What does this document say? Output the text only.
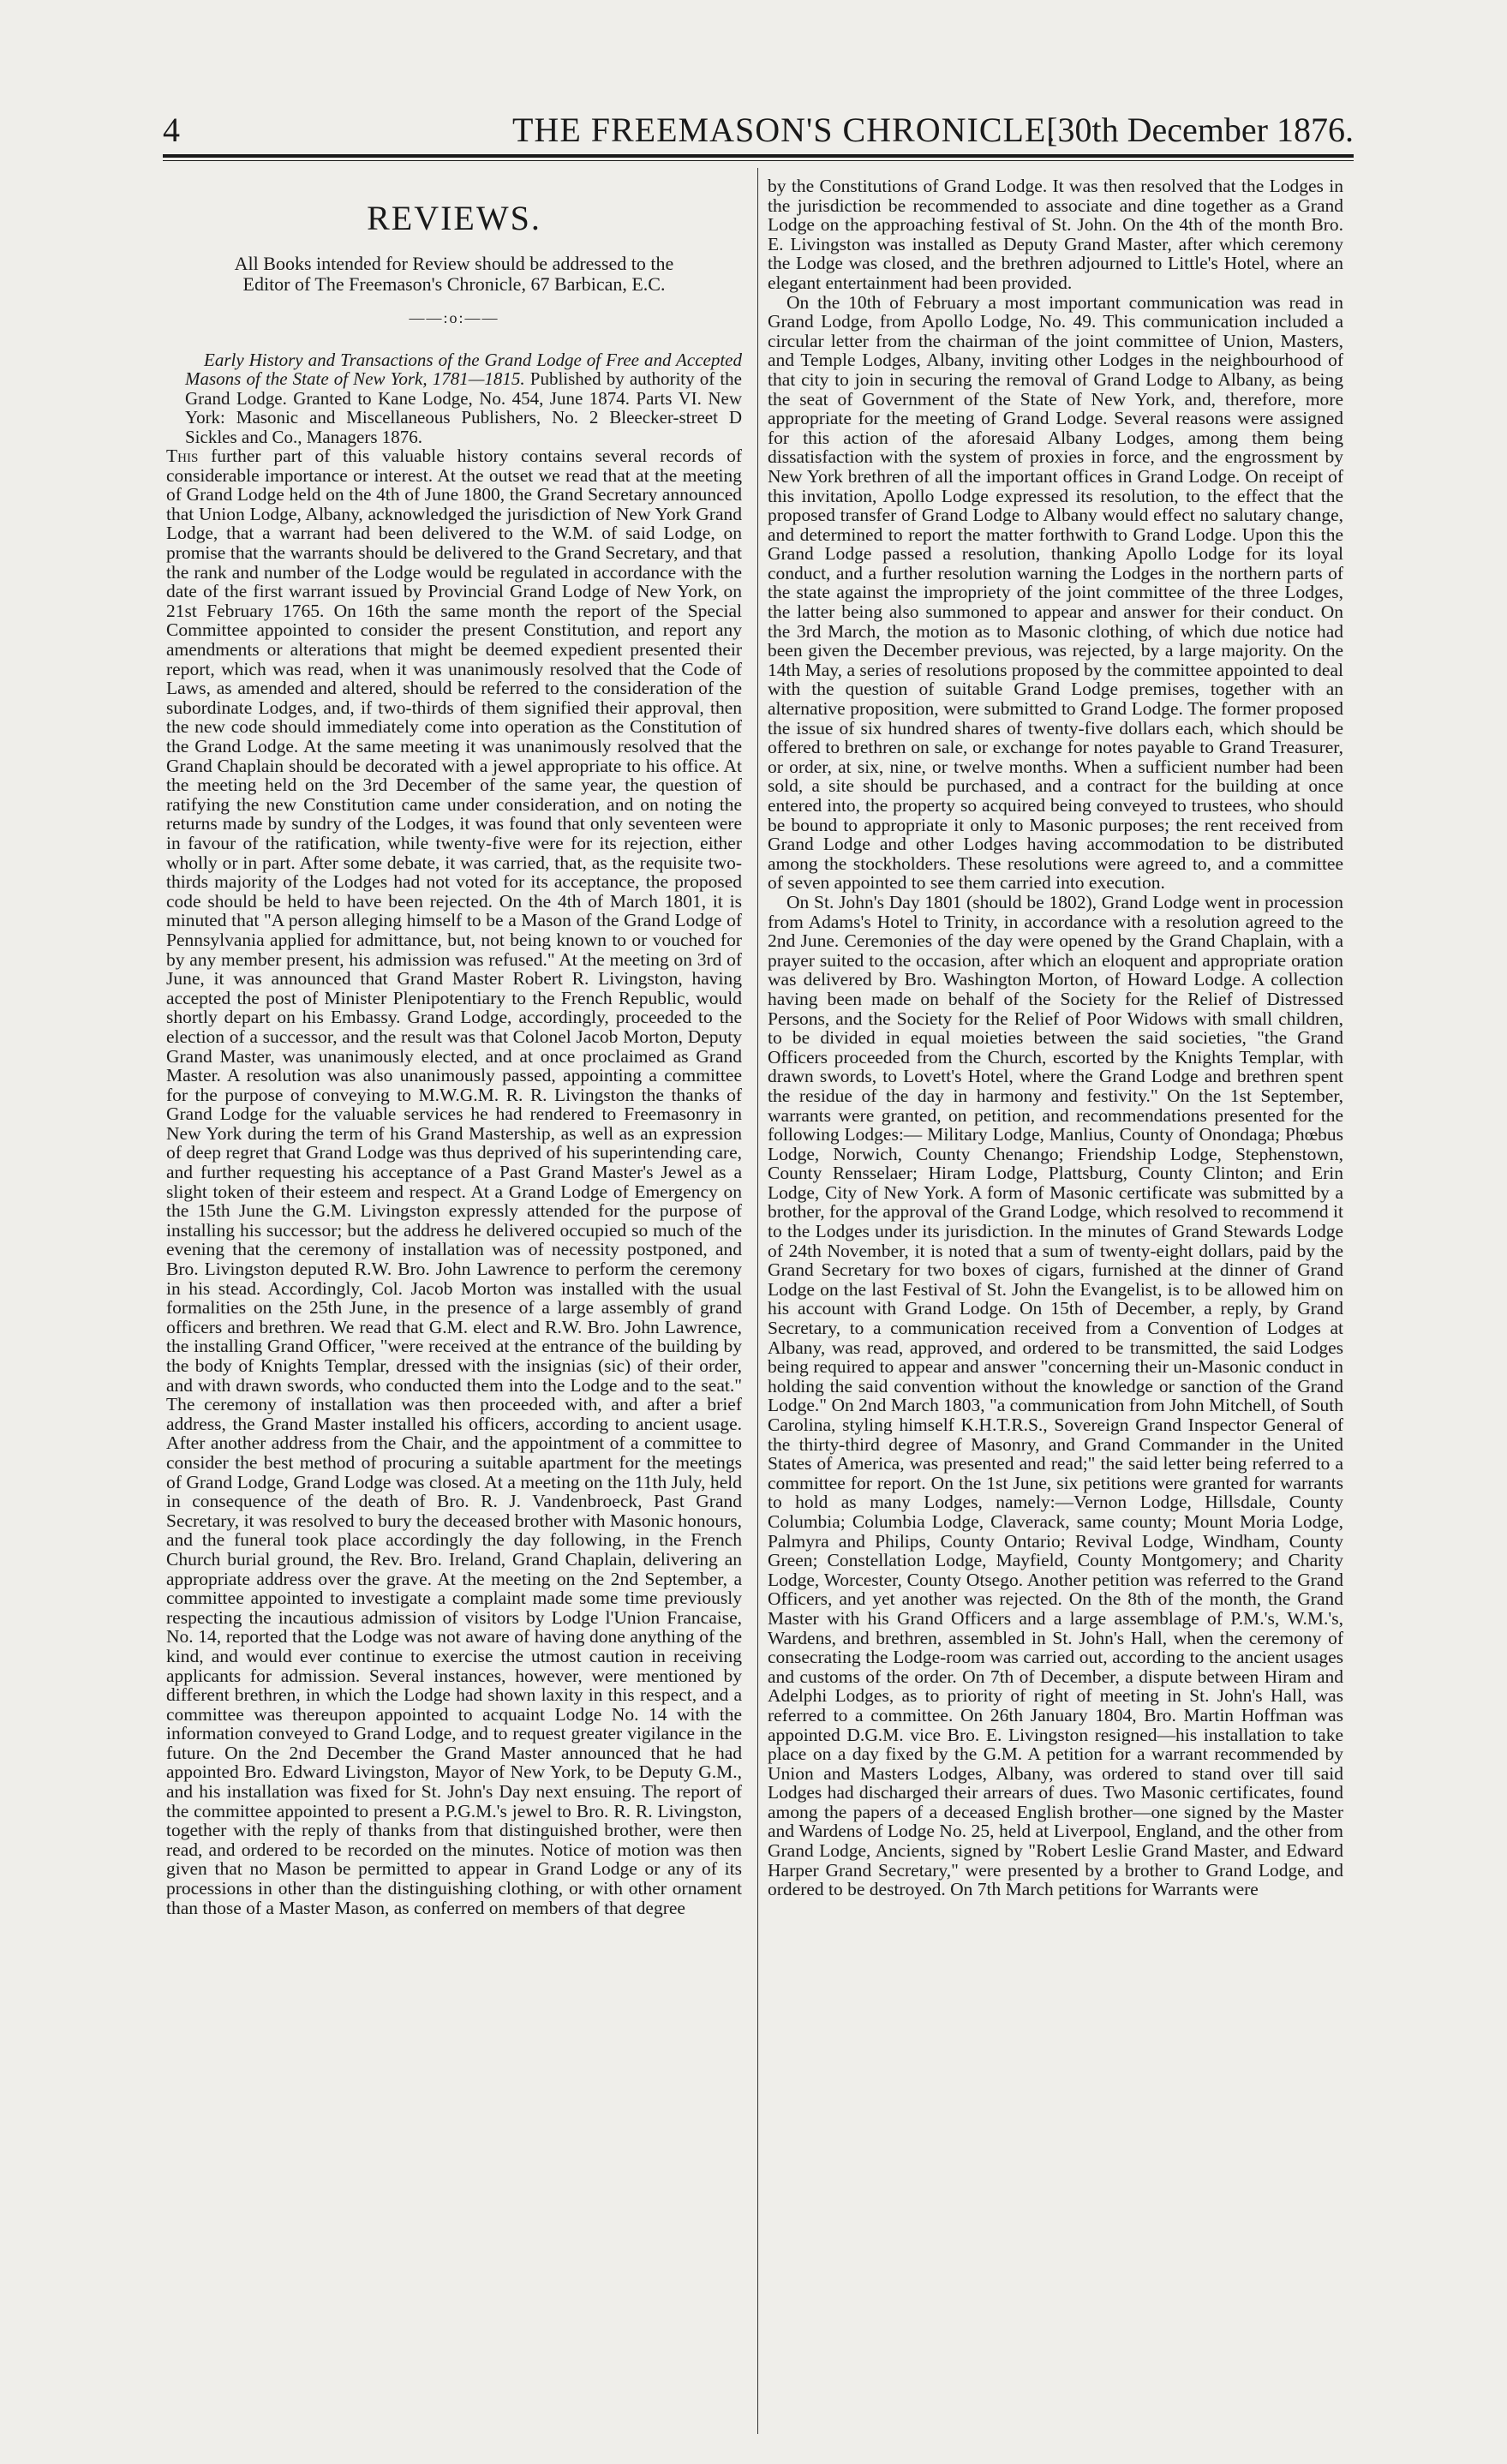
4	THE FREEMASON'S CHRONICLE.
[30th December 1876.
REVIEWS.
All Books intended for Review should be addressed to the
Editor of The Freemason's Chronicle, 67 Barbican, E.C.
——:o:——

Early History and Transactions of the Grand Lodge of Free and Accepted Masons of the State of New York, 1781—1815. Published by authority of the Grand Lodge. Granted to Kane Lodge, No. 454, June 1874. Parts VI. New York: Masonic and Miscellaneous Publishers, No. 2 Bleecker-street D Sickles and Co., Managers 1876.

This further part of this valuable history contains several records of considerable importance or interest. At the outset we read that at the meeting of Grand Lodge held on the 4th of June 1800, the Grand Secretary announced that Union Lodge, Albany, acknowledged the jurisdiction of New York Grand Lodge, that a warrant had been delivered to the W.M. of said Lodge, on promise that the warrants should be delivered to the Grand Secretary, and that the rank and number of the Lodge would be regulated in accordance with the date of the first warrant issued by Provincial Grand Lodge of New York, on 21st February 1765. On 16th the same month the report of the Special Committee appointed to consider the present Constitution, and report any amendments or alterations that might be deemed expedient presented their report, which was read, when it was unanimously resolved that the Code of Laws, as amended and altered, should be referred to the consideration of the subordinate Lodges, and, if two-thirds of them signified their approval, then the new code should immediately come into operation as the Constitution of the Grand Lodge. At the same meeting it was unanimously resolved that the Grand Chaplain should be decorated with a jewel appropriate to his office. At the meeting held on the 3rd December of the same year, the question of ratifying the new Constitution came under consideration, and on noting the returns made by sundry of the Lodges, it was found that only seventeen were in favour of the ratification, while twenty-five were for its rejection, either wholly or in part. After some debate, it was carried, that, as the requisite two-thirds majority of the Lodges had not voted for its acceptance, the proposed code should be held to have been rejected. On the 4th of March 1801, it is minuted that "A person alleging himself to be a Mason of the Grand Lodge of Pennsylvania applied for admittance, but, not being known to or vouched for by any member present, his admission was refused." At the meeting on 3rd of June, it was announced that Grand Master Robert R. Livingston, having accepted the post of Minister Plenipotentiary to the French Republic, would shortly depart on his Embassy. Grand Lodge, accordingly, proceeded to the election of a successor, and the result was that Colonel Jacob Morton, Deputy Grand Master, was unanimously elected, and at once proclaimed as Grand Master. A resolution was also unanimously passed, appointing a committee for the purpose of conveying to M.W.G.M. R. R. Livingston the thanks of Grand Lodge for the valuable services he had rendered to Freemasonry in New York during the term of his Grand Mastership, as well as an expression of deep regret that Grand Lodge was thus deprived of his superintending care, and further requesting his acceptance of a Past Grand Master's Jewel as a slight token of their esteem and respect. At a Grand Lodge of Emergency on the 15th June the G.M. Livingston expressly attended for the purpose of installing his successor; but the address he delivered occupied so much of the evening that the ceremony of installation was of necessity postponed, and Bro. Livingston deputed R.W. Bro. John Lawrence to perform the ceremony in his stead. Accordingly, Col. Jacob Morton was installed with the usual formalities on the 25th June, in the presence of a large assembly of grand officers and brethren. We read that G.M. elect and R.W. Bro. John Lawrence, the installing Grand Officer, "were received at the entrance of the building by the body of Knights Templar, dressed with the insignias (sic) of their order, and with drawn swords, who conducted them into the Lodge and to the seat." The ceremony of installation was then proceeded with, and after a brief address, the Grand Master installed his officers, according to ancient usage. After another address from the Chair, and the appointment of a committee to consider the best method of procuring a suitable apartment for the meetings of Grand Lodge, Grand Lodge was closed. At a meeting on the 11th July, held in consequence of the death of Bro. R. J. Vandenbroeck, Past Grand Secretary, it was resolved to bury the deceased brother with Masonic honours, and the funeral took place accordingly the day following, in the French Church burial ground, the Rev. Bro. Ireland, Grand Chaplain, delivering an appropriate address over the grave. At the meeting on the 2nd September, a committee appointed to investigate a complaint made some time previously respecting the incautious admission of visitors by Lodge l'Union Francaise, No. 14, reported that the Lodge was not aware of having done anything of the kind, and would ever continue to exercise the utmost caution in receiving applicants for admission. Several instances, however, were mentioned by different brethren, in which the Lodge had shown laxity in this respect, and a committee was thereupon appointed to acquaint Lodge No. 14 with the information conveyed to Grand Lodge, and to request greater vigilance in the future. On the 2nd December the Grand Master announced that he had appointed Bro. Edward Livingston, Mayor of New York, to be Deputy G.M., and his installation was fixed for St. John's Day next ensuing. The report of the committee appointed to present a P.G.M.'s jewel to Bro. R. R. Livingston, together with the reply of thanks from that distinguished brother, were then read, and ordered to be recorded on the minutes. Notice of motion was then given that no Mason be permitted to appear in Grand Lodge or any of its processions in other than the distinguishing clothing, or with other ornament than those of a Master Mason, as conferred on members of that degree

by the Constitutions of Grand Lodge. It was then resolved that the Lodges in the jurisdiction be recommended to associate and dine together as a Grand Lodge on the approaching festival of St. John. On the 4th of the month Bro. E. Livingston was installed as Deputy Grand Master, after which ceremony the Lodge was closed, and the brethren adjourned to Little's Hotel, where an elegant entertainment had been provided.

On the 10th of February a most important communication was read in Grand Lodge, from Apollo Lodge, No. 49. This communication included a circular letter from the chairman of the joint committee of Union, Masters, and Temple Lodges, Albany, inviting other Lodges in the neighbourhood of that city to join in securing the removal of Grand Lodge to Albany, as being the seat of Government of the State of New York, and, therefore, more appropriate for the meeting of Grand Lodge. Several reasons were assigned for this action of the aforesaid Albany Lodges, among them being dissatisfaction with the system of proxies in force, and the engrossment by New York brethren of all the important offices in Grand Lodge. On receipt of this invitation, Apollo Lodge expressed its resolution, to the effect that the proposed transfer of Grand Lodge to Albany would effect no salutary change, and determined to report the matter forthwith to Grand Lodge. Upon this the Grand Lodge passed a resolution, thanking Apollo Lodge for its loyal conduct, and a further resolution warning the Lodges in the northern parts of the state against the impropriety of the joint committee of the three Lodges, the latter being also summoned to appear and answer for their conduct. On the 3rd March, the motion as to Masonic clothing, of which due notice had been given the December previous, was rejected, by a large majority. On the 14th May, a series of resolutions proposed by the committee appointed to deal with the question of suitable Grand Lodge premises, together with an alternative proposition, were submitted to Grand Lodge. The former proposed the issue of six hundred shares of twenty-five dollars each, which should be offered to brethren on sale, or exchange for notes payable to Grand Treasurer, or order, at six, nine, or twelve months. When a sufficient number had been sold, a site should be purchased, and a contract for the building at once entered into, the property so acquired being conveyed to trustees, who should be bound to appropriate it only to Masonic purposes; the rent received from Grand Lodge and other Lodges having accommodation to be distributed among the stockholders. These resolutions were agreed to, and a committee of seven appointed to see them carried into execution.

On St. John's Day 1801 (should be 1802), Grand Lodge went in procession from Adams's Hotel to Trinity, in accordance with a resolution agreed to the 2nd June. Ceremonies of the day were opened by the Grand Chaplain, with a prayer suited to the occasion, after which an eloquent and appropriate oration was delivered by Bro. Washington Morton, of Howard Lodge. A collection having been made on behalf of the Society for the Relief of Distressed Persons, and the Society for the Relief of Poor Widows with small children, to be divided in equal moieties between the said societies, "the Grand Officers proceeded from the Church, escorted by the Knights Templar, with drawn swords, to Lovett's Hotel, where the Grand Lodge and brethren spent the residue of the day in harmony and festivity." On the 1st September, warrants were granted, on petition, and recommendations presented for the following Lodges:— Military Lodge, Manlius, County of Onondaga; Phœbus Lodge, Norwich, County Chenango; Friendship Lodge, Stephenstown, County Rensselaer; Hiram Lodge, Plattsburg, County Clinton; and Erin Lodge, City of New York. A form of Masonic certificate was submitted by a brother, for the approval of the Grand Lodge, which resolved to recommend it to the Lodges under its jurisdiction. In the minutes of Grand Stewards Lodge of 24th November, it is noted that a sum of twenty-eight dollars, paid by the Grand Secretary for two boxes of cigars, furnished at the dinner of Grand Lodge on the last Festival of St. John the Evangelist, is to be allowed him on his account with Grand Lodge. On 15th of December, a reply, by Grand Secretary, to a communication received from a Convention of Lodges at Albany, was read, approved, and ordered to be transmitted, the said Lodges being required to appear and answer "concerning their un-Masonic conduct in holding the said convention without the knowledge or sanction of the Grand Lodge." On 2nd March 1803, "a communication from John Mitchell, of South Carolina, styling himself K.H.T.R.S., Sovereign Grand Inspector General of the thirty-third degree of Masonry, and Grand Commander in the United States of America, was presented and read;" the said letter being referred to a committee for report. On the 1st June, six petitions were granted for warrants to hold as many Lodges, namely:—Vernon Lodge, Hillsdale, County Columbia; Columbia Lodge, Claverack, same county; Mount Moria Lodge, Palmyra and Philips, County Ontario; Revival Lodge, Windham, County Green; Constellation Lodge, Mayfield, County Montgomery; and Charity Lodge, Worcester, County Otsego. Another petition was referred to the Grand Officers, and yet another was rejected. On the 8th of the month, the Grand Master with his Grand Officers and a large assemblage of P.M.'s, W.M.'s, Wardens, and brethren, assembled in St. John's Hall, when the ceremony of consecrating the Lodge-room was carried out, according to the ancient usages and customs of the order. On 7th of December, a dispute between Hiram and Adelphi Lodges, as to priority of right of meeting in St. John's Hall, was referred to a committee. On 26th January 1804, Bro. Martin Hoffman was appointed D.G.M. vice Bro. E. Livingston resigned—his installation to take place on a day fixed by the G.M. A petition for a warrant recommended by Union and Masters Lodges, Albany, was ordered to stand over till said Lodges had discharged their arrears of dues. Two Masonic certificates, found among the papers of a deceased English brother—one signed by the Master and Wardens of Lodge No. 25, held at Liverpool, England, and the other from Grand Lodge, Ancients, signed by "Robert Leslie Grand Master, and Edward Harper Grand Secretary," were presented by a brother to Grand Lodge, and ordered to be destroyed. On 7th March petitions for Warrants were
